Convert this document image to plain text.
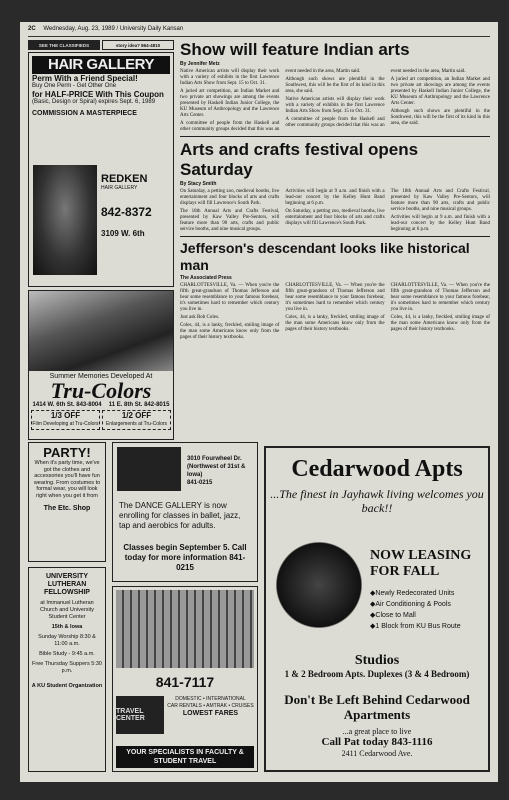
2C Wednesday, Aug. 23, 1989 / University Daily Kansan
SEE THE CLASSIFIEDS	story idea? 864-4810
HAIR GALLERY

Perm With a Friend Special!

Buy One Perm - Get Other One

for HALF-PRICE With This Coupon

(Basic, Design or Spiral) expires Sept. 6, 1989

COMMISSION A MASTERPIECE

REDKEN
HAIR GALLERY
842-8372
3109 W. 6th
Summer Memories Developed At
Tru-Colors
1414 W. 6th St. 843-8004 11 E. 8th St. 842-8015
1/3 OFF
Film Developing at Tru-Colors
1/2 OFF
Enlargements at Tru-Colors
Show will feature Indian arts
By Jennifer Metz

Native American artists will display their work with a variety of exhibits in the first Lawrence Indian Arts Show from Sept. 15 to Oct. 31.

A juried art competition, an Indian Market and two private art showings are among the events presented by Haskell Indian Junior College, the KU Museum of Anthropology and the Lawrence Arts Center.

A committee of people from the Haskell and other community groups decided that this was an event needed in the area, Martin said.

Although such shows are plentiful in the Southwest, this will be the first of its kind in this area, she said.

Native American artists will display their work with a variety of exhibits in the first Lawrence Indian Arts Show from Sept. 15 to Oct. 31.

A committee of people from the Haskell and other community groups decided that this was an event needed in the area, Martin said.

A juried art competition, an Indian Market and two private art showings are among the events presented by Haskell Indian Junior College, the KU Museum of Anthropology and the Lawrence Arts Center.

Although such shows are plentiful in the Southwest, this will be the first of its kind in this area, she said.

Arts and crafts festival opens Saturday
By Stacy Smith

On Saturday, a petting zoo, medieval booths, live entertainment and four blocks of arts and crafts displays will fill Lawrence's South Park.

The 18th Annual Arts and Crafts Festival, presented by Kaw Valley Pre-Sentors, will feature more than 90 arts, crafts and public service booths, and nine musical groups.

Activities will begin at 9 a.m. and finish with a lead-our concert by the Kelley Hunt Band beginning at 6 p.m.

On Saturday, a petting zoo, medieval booths, live entertainment and four blocks of arts and crafts displays will fill Lawrence's South Park.

The 18th Annual Arts and Crafts Festival, presented by Kaw Valley Pre-Sentors, will feature more than 90 arts, crafts and public service booths, and nine musical groups.

Activities will begin at 9 a.m. and finish with a lead-our concert by the Kelley Hunt Band beginning at 6 p.m.

Jefferson's descendant looks like historical man
The Associated Press

CHARLOTTESVILLE, Va. — When you're the fifth great-grandson of Thomas Jefferson and bear some resemblance to your famous forebear, it's sometimes hard to remember which century you live in.

Just ask Bob Coles.

Coles, 44, is a lanky, freckled, smiling image of the man some Americans know only from the pages of their history textbooks.

CHARLOTTESVILLE, Va. — When you're the fifth great-grandson of Thomas Jefferson and bear some resemblance to your famous forebear, it's sometimes hard to remember which century you live in.

Coles, 44, is a lanky, freckled, smiling image of the man some Americans know only from the pages of their history textbooks.

CHARLOTTESVILLE, Va. — When you're the fifth great-grandson of Thomas Jefferson and bear some resemblance to your famous forebear, it's sometimes hard to remember which century you live in.

Coles, 44, is a lanky, freckled, smiling image of the man some Americans know only from the pages of their history textbooks.

PARTY!
When it's party time, we've got the clothes and accessories you'll have fun wearing. From costumes to formal wear, you will look right when you get it from
The Etc. Shop
UNIVERSITY LUTHERAN FELLOWSHIP
at Immanuel Lutheran Church and University Student Center
15th & Iowa
Sunday Worship 8:30 & 11:00 a.m.
Bible Study - 9:45 a.m.
Free Thursday Suppers 5:30 p.m.
A KU Student Organization
3010 Fourwheel Dr. (Northwest of 31st & Iowa)
841-0215
The DANCE GALLERY is now enrolling for classes in ballet, jazz, tap and aerobics for adults.
Classes begin September 5. Call today for more information 841-0215
841-7117
TRAVEL CENTER
DOMESTIC • INTERNATIONAL
CAR RENTALS • AMTRAK • CRUISES
LOWEST FARES
YOUR SPECIALISTS IN FACULTY & STUDENT TRAVEL
Cedarwood Apts
...The finest in Jayhawk living welcomes you back!!
NOW LEASING FOR FALL
◆ Newly Redecorated Units
◆ Air Conditioning & Pools
◆ Close to Mall
◆ 1 Block from KU Bus Route
Studios
1 & 2 Bedroom Apts. Duplexes (3 & 4 Bedroom)
Don't Be Left Behind Cedarwood Apartments
...a great place to live
Call Pat today 843-1116
2411 Cedarwood Ave.
